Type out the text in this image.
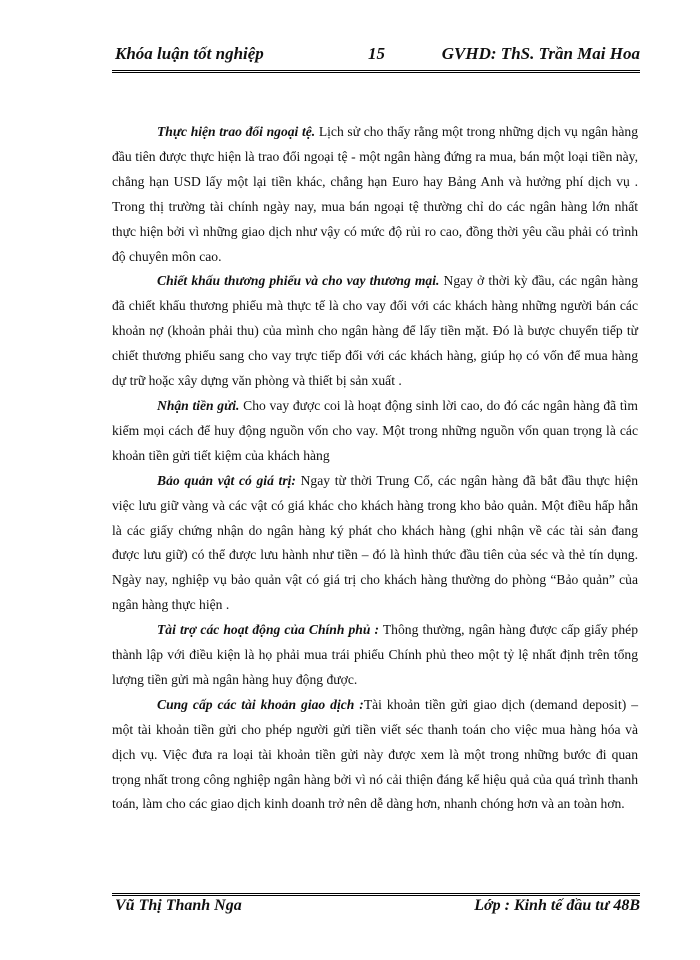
Khóa luận tốt nghiệp	15	GVHD: ThS. Trần Mai Hoa

Thực hiện trao đổi ngoại tệ. Lịch sử cho thấy rằng một trong những dịch vụ ngân hàng đầu tiên được thực hiện là trao đổi ngoại tệ - một ngân hàng đứng ra mua, bán một loại tiền này, chẳng hạn USD lấy một lại tiền khác, chẳng hạn Euro hay Bảng Anh và hưởng phí dịch vụ . Trong thị trường tài chính ngày nay, mua bán ngoại tệ thường chỉ do các ngân hàng lớn nhất thực hiện bởi vì những giao dịch như vậy có mức độ rủi ro cao, đồng thời yêu cầu phải có trình độ chuyên môn cao.

Chiết khấu thương phiếu và cho vay thương mại. Ngay ở thời kỳ đầu, các ngân hàng đã chiết khấu thương phiếu mà thực tế là cho vay đối với các khách hàng những người bán các khoản nợ (khoản phải thu) của mình cho ngân hàng để lấy tiền mặt. Đó là bược chuyển tiếp từ chiết thương phiếu sang cho vay trực tiếp đối với các khách hàng, giúp họ có vốn để mua hàng dự trữ hoặc xây dựng văn phòng và thiết bị sản xuất .

Nhận tiền gửi. Cho vay được coi là hoạt động sinh lời cao, do đó các ngân hàng đã tìm kiếm mọi cách để huy động nguồn vốn cho vay. Một trong những nguồn vốn quan trọng là các khoản tiền gửi tiết kiệm của khách hàng

Bảo quản vật có giá trị: Ngay từ thời Trung Cổ, các ngân hàng đã bắt đầu thực hiện việc lưu giữ vàng và các vật có giá khác cho khách hàng trong kho bảo quản. Một điều hấp hẫn là các giấy chứng nhận do ngân hàng ký phát cho khách hàng (ghi nhận về các tài sản đang được lưu giữ) có thể được lưu hành như tiền – đó là hình thức đầu tiên của séc và thẻ tín dụng. Ngày nay, nghiệp vụ bảo quản vật có giá trị cho khách hàng thường do phòng “Bảo quản” của ngân hàng thực hiện .

Tài trợ các hoạt động của Chính phủ : Thông thường, ngân hàng được cấp giấy phép thành lập với điều kiện là họ phải mua trái phiếu Chính phủ theo một tỷ lệ nhất định trên tổng lượng tiền gửi mà ngân hàng huy động được.

Cung cấp các tài khoản giao dịch :Tài khoản tiền gửi giao dịch (demand deposit) – một tài khoản tiền gửi cho phép người gửi tiền viết séc thanh toán cho việc mua hàng hóa và dịch vụ. Việc đưa ra loại tài khoản tiền gửi này được xem là một trong những bước đi quan trọng nhất trong công nghiệp ngân hàng bởi vì nó cải thiện đáng kể hiệu quả của quá trình thanh toán, làm cho các giao dịch kinh doanh trở nên dễ dàng hơn, nhanh chóng hơn và an toàn hơn.

Vũ Thị Thanh Nga	Lớp : Kinh tế đầu tư 48B
